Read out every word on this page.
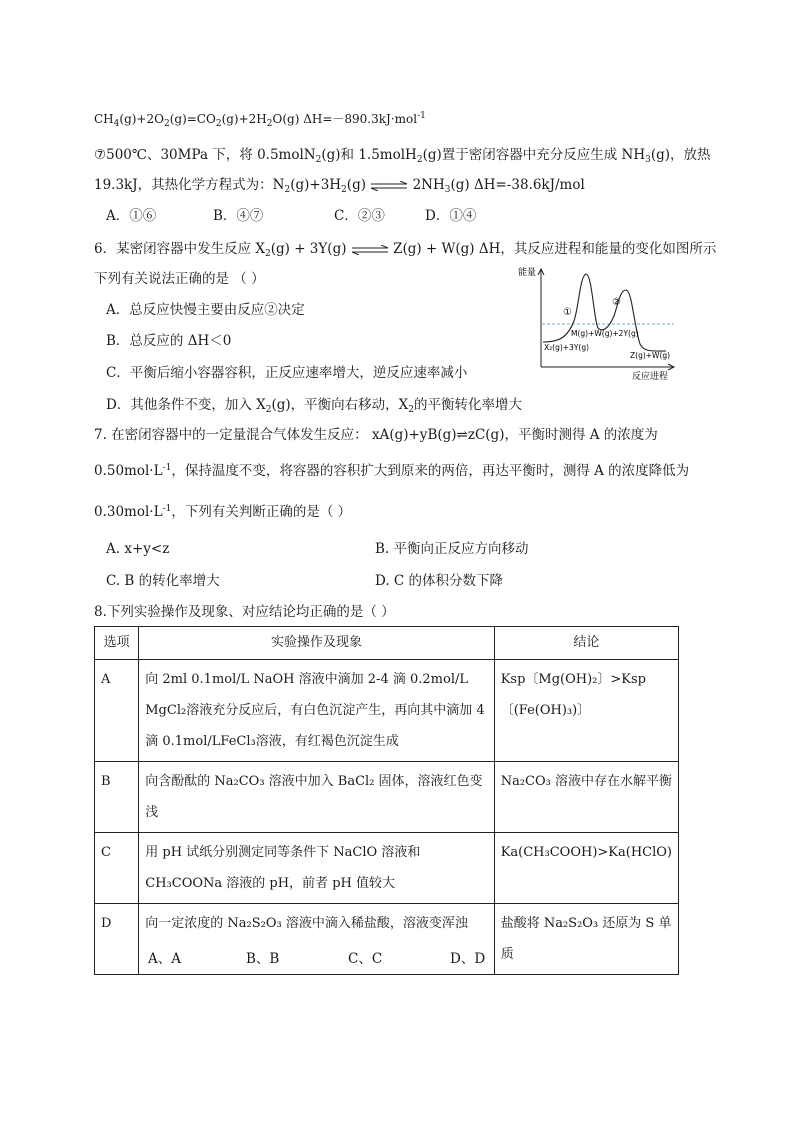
$CH_4(g)+2O_2(g)=CO_2(g)+2H_2O(g)$ ΔH=－890.3kJ·mol$^{-1}$
⑦500℃、30MPa 下，将 0.5molN$_2$(g)和 1.5molH$_2$(g)置于密闭容器中充分反应生成 $NH_3(g)$，放热
19.3kJ，其热化学方程式为：$N_2(g)+3H_2(g)$ ⇌ $2NH_3(g)$ ΔH=-38.6kJ/mol
A．①⑥	B．④⑦	C．②③	D．①④
6．某密闭容器中发生反应 $X_2(g) + 3Y(g)$ ⇌ Z(g) + W(g) ΔH，其反应进程和能量的变化如图所示
下列有关说法正确的是 （ ）
A．总反应快慢主要由反应②决定
B．总反应的 ΔH＜0
C．平衡后缩小容器容积，正反应速率增大，逆反应速率减小
D．其他条件不变，加入 $X_2(g)$，平衡向右移动，$X_2$的平衡转化率增大
能量
①
②
M(g)+W(g)+2Y(g)
X₂(g)+3Y(g)
Z(g)+W(g)
反应进程
7. 在密闭容器中的一定量混合气体发生反应： xA(g)+yB(g)⇌zC(g)，平衡时测得 A 的浓度为
$0.50mol\cdot L^{-1}$，保持温度不变，将容器的容积扩大到原来的两倍，再达平衡时，测得 A 的浓度降低为
$0.30mol\cdot L^{-1}$，下列有关判断正确的是（ ）
A. x+y<z	B. 平衡向正反应方向移动
C. B 的转化率增大	D. C 的体积分数下降
8.下列实验操作及现象、对应结论均正确的是（ ）
选项	实验操作及现象	结论
A	向 2ml 0.1mol/L NaOH 溶液中滴加 2-4 滴 0.2mol/L MgCl₂溶液充分反应后，有白色沉淀产生，再向其中滴加 4 滴 0.1mol/LFeCl₃溶液，有红褐色沉淀生成	Ksp〔Mg(OH)₂〕>Ksp〔(Fe(OH)₃)〕
B	向含酚酞的 Na₂CO₃ 溶液中加入 BaCl₂ 固体，溶液红色变浅	Na₂CO₃ 溶液中存在水解平衡
C	用 pH 试纸分别测定同等条件下 NaClO 溶液和 CH₃COONa 溶液的 pH，前者 pH 值较大	Ka(CH₃COOH)>Ka(HClO)
D	向一定浓度的 Na₂S₂O₃ 溶液中滴入稀盐酸，溶液变浑浊	盐酸将 Na₂S₂O₃ 还原为 S 单质
A、A	B、B	C、C	D、D
